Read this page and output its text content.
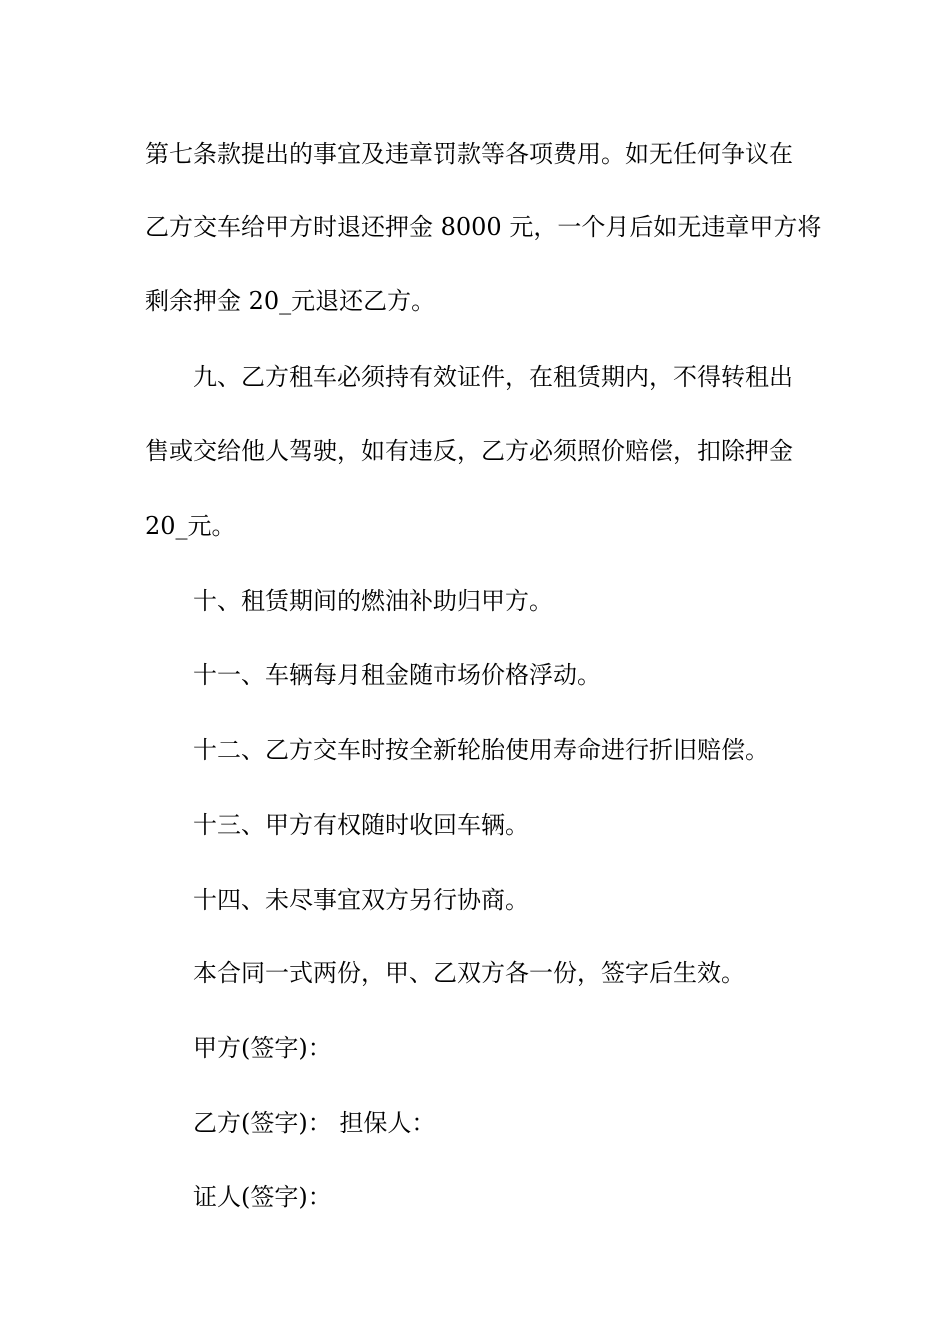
第七条款提出的事宜及违章罚款等各项费用。如无任何争议在
乙方交车给甲方时退还押金 8000 元，一个月后如无违章甲方将
剩余押金 20_元退还乙方。
九、乙方租车必须持有效证件，在租赁期内，不得转租出
售或交给他人驾驶，如有违反，乙方必须照价赔偿，扣除押金
20_元。
十、租赁期间的燃油补助归甲方。
十一、车辆每月租金随市场价格浮动。
十二、乙方交车时按全新轮胎使用寿命进行折旧赔偿。
十三、甲方有权随时收回车辆。
十四、未尽事宜双方另行协商。
本合同一式两份，甲、乙双方各一份，签字后生效。
甲方(签字)：
乙方(签字)： 担保人：
证人(签字)：
